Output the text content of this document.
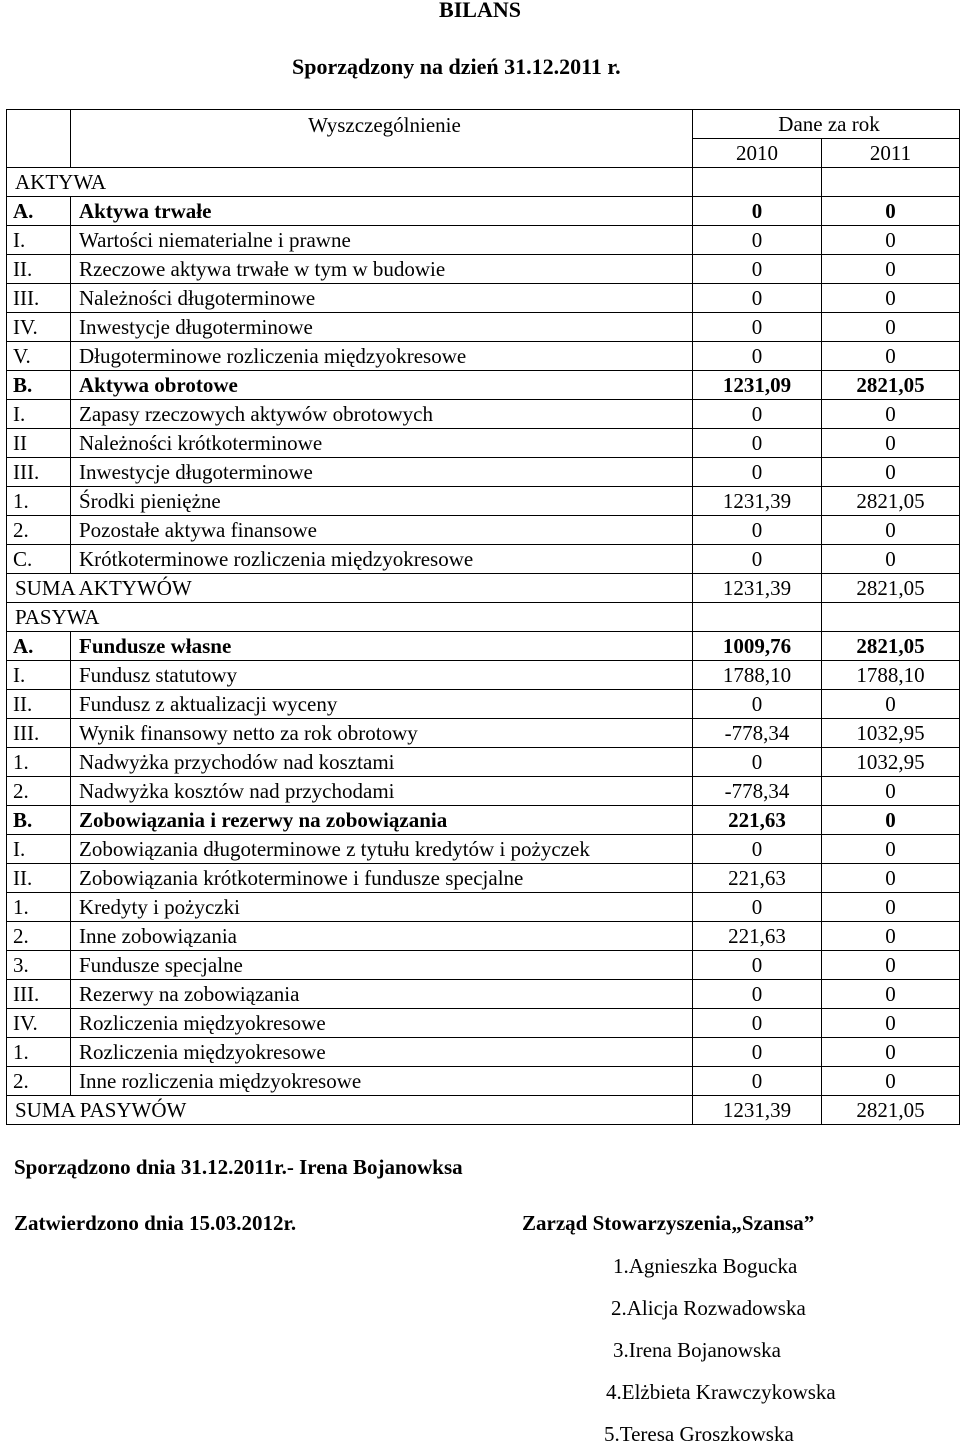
BILANS
Sporządzony na dzień 31.12.2011 r.
	Wyszczególnienie	Dane za rok	
		2010	2011
AKTYWA			
A.	Aktywa trwałe	0	0
I.	Wartości niematerialne i prawne	0	0
II.	Rzeczowe aktywa trwałe w tym w budowie	0	0
III.	Należności długoterminowe	0	0
IV.	Inwestycje długoterminowe	0	0
V.	Długoterminowe rozliczenia międzyokresowe	0	0
B.	Aktywa obrotowe	1231,09	2821,05
I.	Zapasy rzeczowych aktywów obrotowych	0	0
II	Należności krótkoterminowe	0	0
III.	Inwestycje długoterminowe	0	0
1.	Środki pieniężne	1231,39	2821,05
2.	Pozostałe aktywa finansowe	0	0
C.	Krótkoterminowe rozliczenia międzyokresowe	0	0
SUMA AKTYWÓW		1231,39	2821,05
PASYWA			
A.	Fundusze własne	1009,76	2821,05
I.	Fundusz statutowy	1788,10	1788,10
II.	Fundusz z aktualizacji wyceny	0	0
III.	Wynik finansowy netto za rok obrotowy	-778,34	1032,95
1.	Nadwyżka przychodów nad kosztami	0	1032,95
2.	Nadwyżka kosztów nad przychodami	-778,34	0
B.	Zobowiązania i rezerwy na zobowiązania	221,63	0
I.	Zobowiązania długoterminowe z tytułu kredytów i pożyczek	0	0
II.	Zobowiązania krótkoterminowe i fundusze specjalne	221,63	0
1.	Kredyty i pożyczki	0	0
2.	Inne zobowiązania	221,63	0
3.	Fundusze specjalne	0	0
III.	Rezerwy na zobowiązania	0	0
IV.	Rozliczenia międzyokresowe	0	0
1.	Rozliczenia międzyokresowe	0	0
2.	Inne rozliczenia międzyokresowe	0	0
SUMA PASYWÓW		1231,39	2821,05
Sporządzono dnia 31.12.2011r.- Irena Bojanowksa
Zatwierdzono dnia 15.03.2012r.	Zarząd Stowarzyszenia„Szansa”
1.Agnieszka Bogucka
2.Alicja Rozwadowska
3.Irena Bojanowska
4.Elżbieta Krawczykowska
5.Teresa Groszkowska
